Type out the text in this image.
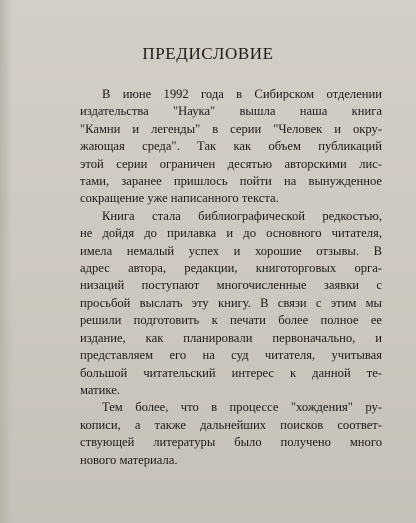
ПРЕДИСЛОВИЕ

В июне 1992 года в Сибирском отделении
издательства "Наука" вышла наша книга
"Камни и легенды" в серии "Человек и окру-
жающая среда". Так как объем публикаций
этой серии ограничен десятью авторскими лис-
тами, заранее пришлось пойти на вынужденное
сокращение уже написанного текста.

Книга стала библиографической редкостью,
не дойдя до прилавка и до основного читателя,
имела немалый успех и хорошие отзывы. В
адрес автора, редакции, книготорговых орга-
низаций поступают многочисленные заявки с
просьбой выслать эту книгу. В связи с этим мы
решили подготовить к печати более полное ее
издание, как планировали первоначально, и
представляем его на суд читателя, учитывая
большой читательский интерес к данной те-
матике.

Тем более, что в процессе "хождения" ру-
кописи, а также дальнейших поисков соответ-
ствующей литературы было получено много
нового материала.
